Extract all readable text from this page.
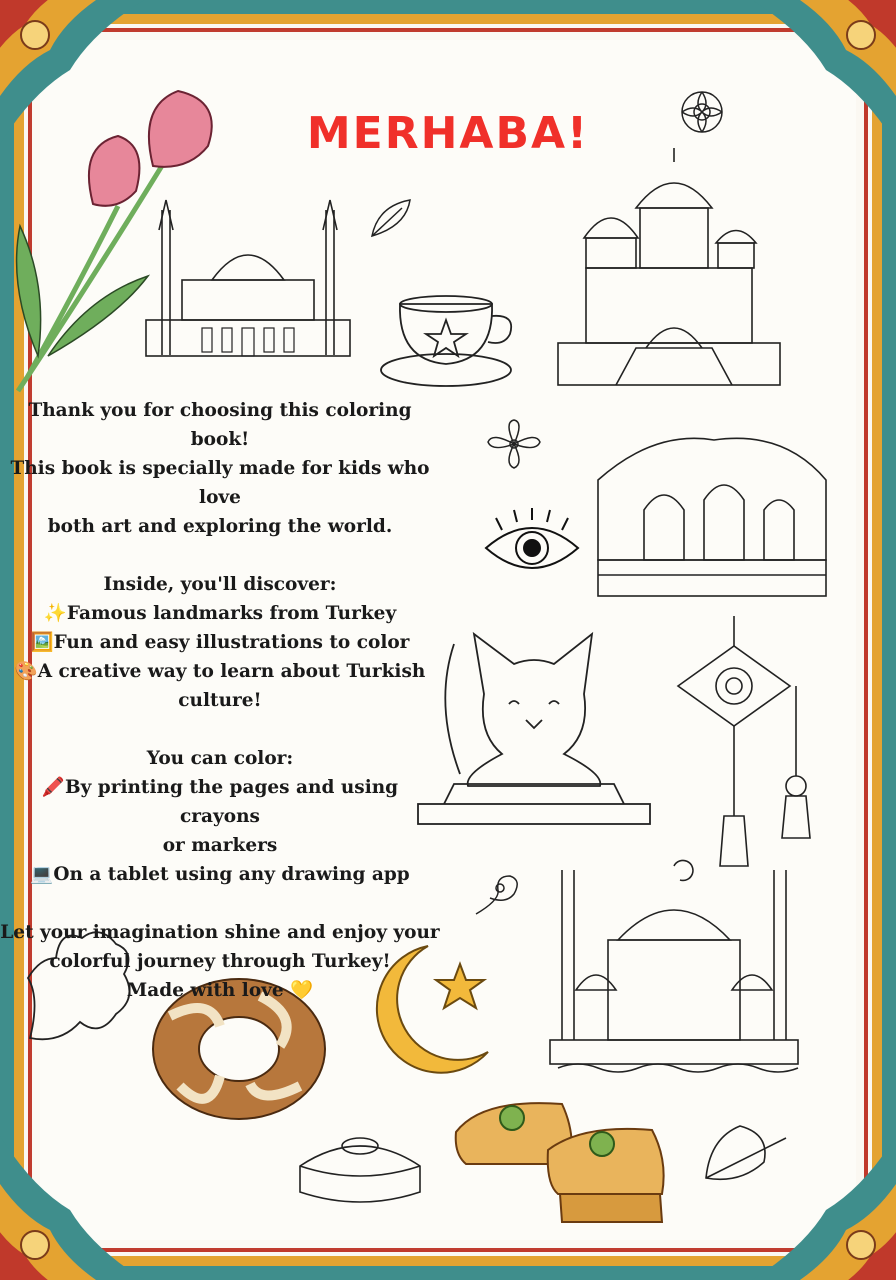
MERHABA!

Thank you for choosing this coloring book!

This book is specially made for kids who love

both art and exploring the world.

Inside, you'll discover:

✨Famous landmarks from Turkey

🖼️Fun and easy illustrations to color

🎨A creative way to learn about Turkish

culture!

You can color:

🖍️By printing the pages and using crayons

or markers

💻On a tablet using any drawing app

Let your imagination shine and enjoy your

colorful journey through Turkey!

Made with love 💛
